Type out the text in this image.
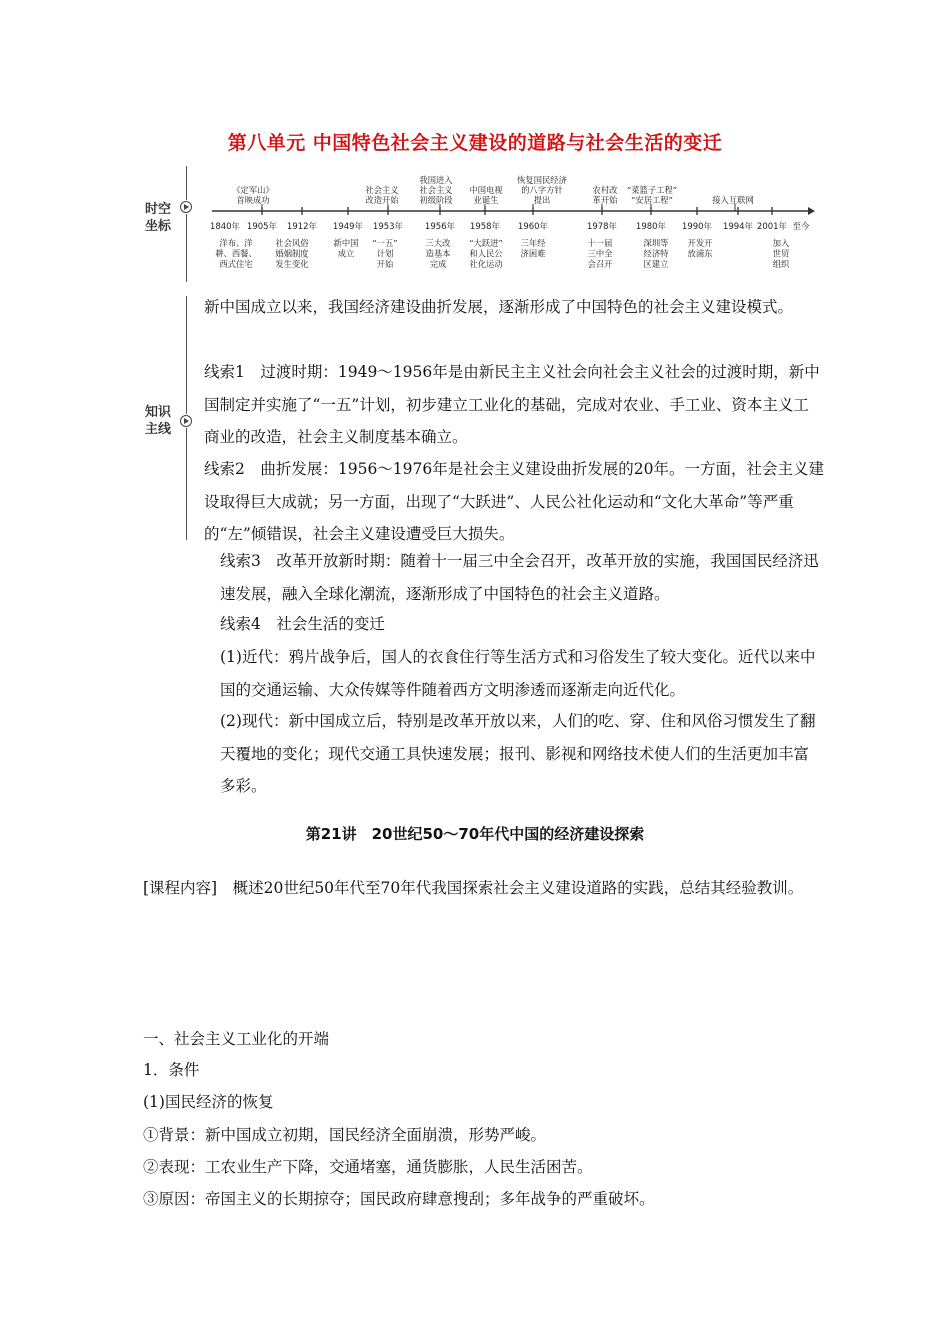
第八单元 中国特色社会主义建设的道路与社会生活的变迁
时空
坐标
知识
主线
1840年 1905年 1912年 1949年 1953年	1956年 1958年 1960年	1978年 1980年 1990年 1994年 2001年 至今
《定军山》
首映成功
社会主义
改造开始
我国进入
社会主义
初级阶段
中国电视
业诞生
恢复国民经济
的八字方针
提出
农村改
革开始
“菜篮子工程”
“安居工程”	接入互联网
洋布、洋
耕、西餐、
西式住宅
社会风俗
婚姻制度
发生变化
新中国
成立
“一五”
计划
开始
三大改
造基本
完成
“大跃进”
和人民公
社化运动
三年经
济困难
十一届
三中全
会召开
深圳等
经济特
区建立
开发开
放浦东
加入
世贸
组织

新中国成立以来，我国经济建设曲折发展，逐渐形成了中国特色的社会主义建设模式。

线索1　过渡时期：1949～1956年是由新民主主义社会向社会主义社会的过渡时期，新中国制定并实施了“一五”计划，初步建立工业化的基础，完成对农业、手工业、资本主义工商业的改造，社会主义制度基本确立。

线索2　曲折发展：1956～1976年是社会主义建设曲折发展的20年。一方面，社会主义建设取得巨大成就；另一方面，出现了“大跃进”、人民公社化运动和“文化大革命”等严重的“左”倾错误，社会主义建设遭受巨大损失。

线索3　改革开放新时期：随着十一届三中全会召开，改革开放的实施，我国国民经济迅速发展，融入全球化潮流，逐渐形成了中国特色的社会主义道路。

线索4　社会生活的变迁

(1)近代：鸦片战争后，国人的衣食住行等生活方式和习俗发生了较大变化。近代以来中国的交通运输、大众传媒等件随着西方文明渗透而逐渐走向近代化。

(2)现代：新中国成立后，特别是改革开放以来，人们的吃、穿、住和风俗习惯发生了翻天覆地的变化；现代交通工具快速发展；报刊、影视和网络技术使人们的生活更加丰富多彩。

第21讲　20世纪50～70年代中国的经济建设探索

[课程内容]　概述20世纪50年代至70年代我国探索社会主义建设道路的实践，总结其经验教训。

一、社会主义工业化的开端
1．条件
(1)国民经济的恢复
①背景：新中国成立初期，国民经济全面崩溃，形势严峻。
②表现：工农业生产下降，交通堵塞，通货膨胀，人民生活困苦。
③原因：帝国主义的长期掠夺；国民政府肆意搜刮；多年战争的严重破坏。
